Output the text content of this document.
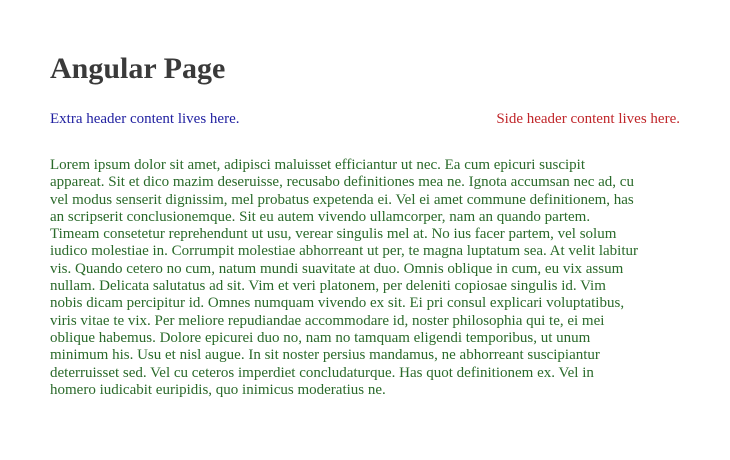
Angular Page
Extra header content lives here.	Side header content lives here.
Lorem ipsum dolor sit amet, adipisci maluisset efficiantur ut nec. Ea cum epicuri suscipit
appareat. Sit et dico mazim deseruisse, recusabo definitiones mea ne. Ignota accumsan nec ad, cu
vel modus senserit dignissim, mel probatus expetenda ei. Vel ei amet commune definitionem, has
an scripserit conclusionemque. Sit eu autem vivendo ullamcorper, nam an quando partem.
Timeam consetetur reprehendunt ut usu, verear singulis mel at. No ius facer partem, vel solum
iudico molestiae in. Corrumpit molestiae abhorreant ut per, te magna luptatum sea. At velit labitur
vis. Quando cetero no cum, natum mundi suavitate at duo. Omnis oblique in cum, eu vix assum
nullam. Delicata salutatus ad sit. Vim et veri platonem, per deleniti copiosae singulis id. Vim
nobis dicam percipitur id. Omnes numquam vivendo ex sit. Ei pri consul explicari voluptatibus,
viris vitae te vix. Per meliore repudiandae accommodare id, noster philosophia qui te, ei mei
oblique habemus. Dolore epicurei duo no, nam no tamquam eligendi temporibus, ut unum
minimum his. Usu et nisl augue. In sit noster persius mandamus, ne abhorreant suscipiantur
deterruisset sed. Vel cu ceteros imperdiet concludaturque. Has quot definitionem ex. Vel in
homero iudicabit euripidis, quo inimicus moderatius ne.
